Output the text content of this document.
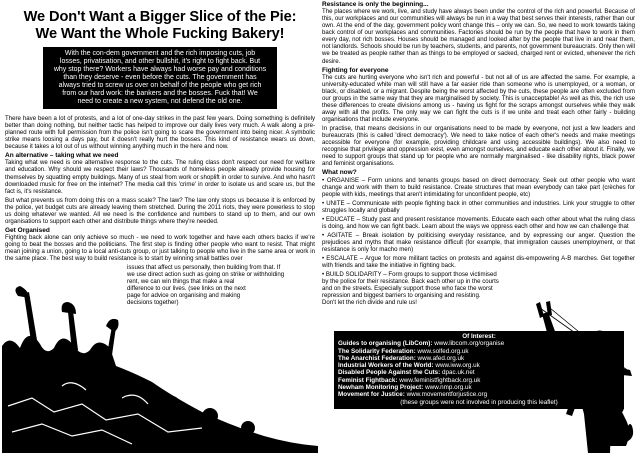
We Don't Want a Bigger Slice of the Pie:
We Want the Whole Fucking Bakery!
With the con-dem government and the rich imposing cuts, job
losses, privatisation, and other bullshit, it's right to fight back. But
why stop there? Workers have always had worse pay and conditions
than they deserve - even before the cuts. The government has
always tried to screw us over on behalf of the people who get rich
from our hard work: the bankers and the bosses. Fuck that! We
need to create a new system, not defend the old one.

There have been a lot of protests, and a lot of one-day strikes in the past few years. Doing something is definitely better than doing nothing, but neither tactic has helped to improve our daily lives very much. A walk along a pre-planned route with full permission from the police isn't going to scare the government into being nicer. A symbolic strike means loosing a days pay, but it doesn't really hurt the bosses. This kind of resistance wears us down, because it takes a lot out of us without winning anything much in the here and now.

An alternative – taking what we need

Taking what we need is one alternative response to the cuts. The ruling class don't respect our need for welfare and education. Why should we respect their laws? Thousands of homeless people already provide housing for themselves by squatting empty buildings. Many of us steal from work or shoplift in order to survive. And who hasn't downloaded music for free on the internet? The media call this 'crime' in order to isolate us and scare us, but the fact is, it's resistance.

But what prevents us from doing this on a mass scale? The law? The law only stops us because it is enforced by the police, yet budget cuts are already leaving them stretched. During the 2011 riots, they were powerless to stop us doing whatever we wanted. All we need is the confidence and numbers to stand up to them, and our own organisations to support each other and distribute things where they're needed.

Get Organised

Fighting back alone can only achieve so much - we need to work together and have each others backs if we're going to beat the bosses and the politicians. The first step is finding other people who want to resist. That might mean joining a union, going to a local anti-cuts group, or just talking to people who live in the same area or work in the same place. The best way to build resistance is to start by winning small battles over

issues that affect us personally, then building from that. If
we use direct action such as going on strike or withholding
rent, we can win things that make a real
difference to our lives. (see links on the next
page for advice on organising and making
decisions together)
Resistance is only the beginning...

The places where we work, live, and study have always been under the control of the rich and powerful. Because of this, our workplaces and our communities will always be run in a way that best serves their interests, rather than our own. At the end of the day, government policy wont change this – only we can. So, we need to work towards taking back control of our workplaces and communities. Factories should be run by the people that have to work in them every day, not rich bosses. Houses should be managed and looked after by the people that live in and near them, not landlords. Schools should be run by teachers, students, and parents, not government bureaucrats. Only then will we be treated as people rather than as things to be employed or sacked, charged rent or evicted, whenever the rich desire.

Fighting for everyone

The cuts are hurting everyone who isn't rich and powerful - but not all of us are affected the same. For example, a university-educated white man will still have a far easier ride than someone who is unemployed, or a woman, or black, or disabled, or a migrant. Despite being the worst affected by the cuts, these people are often excluded from our groups in the same way that they are marginalised by society. This is unacceptable! As well as this, the rich use these differences to create divisions among us - having us fight for the scraps amongst ourselves while they walk away with all the profits. The only way we can fight the cuts is if we unite and treat each other fairly - building organisations that include everyone.

In practise, that means decisions in our organisations need to be made by everyone, not just a few leaders and bureaucrats (this is called 'direct democracy'). We need to take notice of each other's needs and make meetings accessible for everyone (for example, providing childcare and using accessible buildings). We also need to recognise that privilege and oppression exist, even amongst ourselves, and educate each other about it. Finally, we need to support groups that stand up for people who are normally marginalised - like disability rights, black power and feminist organisations.

What now?

• ORGANISE – Form unions and tenants groups based on direct democracy. Seek out other people who want change and work with them to build resistance. Create structures that mean everybody can take part (crèches for people with kids, meetings that aren't intimidating for unconfident people, etc)

• UNITE – Communicate with people fighting back in other communities and industries. Link your struggle to other struggles locally and globally

• EDUCATE – Study past and present resistance movements. Educate each each other about what the ruling class is doing, and how we can fight back. Learn about the ways we oppress each other and how we can challenge that

• AGITATE – Break isolation by politicising everyday resistance, and by expressing our anger. Question the prejudices and myths that make resistance difficult (for example, that immigration causes unemployment, or that resistance is only for macho men)

• ESCALATE – Argue for more militant tactics on protests and against dis-empowering A-B marches. Get together with friends and take the initiative in fighting back.

• BUILD SOLIDARITY – Form groups to support those victimised
by the police for their resistance. Back each other up in the courts
and on the streets. Especially support those who face the worst
repression and biggest barriers to organising and resisting.
Don't let the rich divide and rule us!
Of Interest:
Guides to organising (LibCom): www.libcom.org/organise
The Solidarity Federation: www.solfed.org.uk
The Anarchist Federation: www.afed.org.uk
Industrial Workers of the World: www.iww.org.uk
Disabled People Against the Cuts: dpac.uk.net
Feminist Fightback: www.feministfightback.org.uk
Newham Monitoring Project: www.nmp.org.uk
Movement for Justice: www.movementforjustice.org
(these groups were not involved in producing this leaflet)
